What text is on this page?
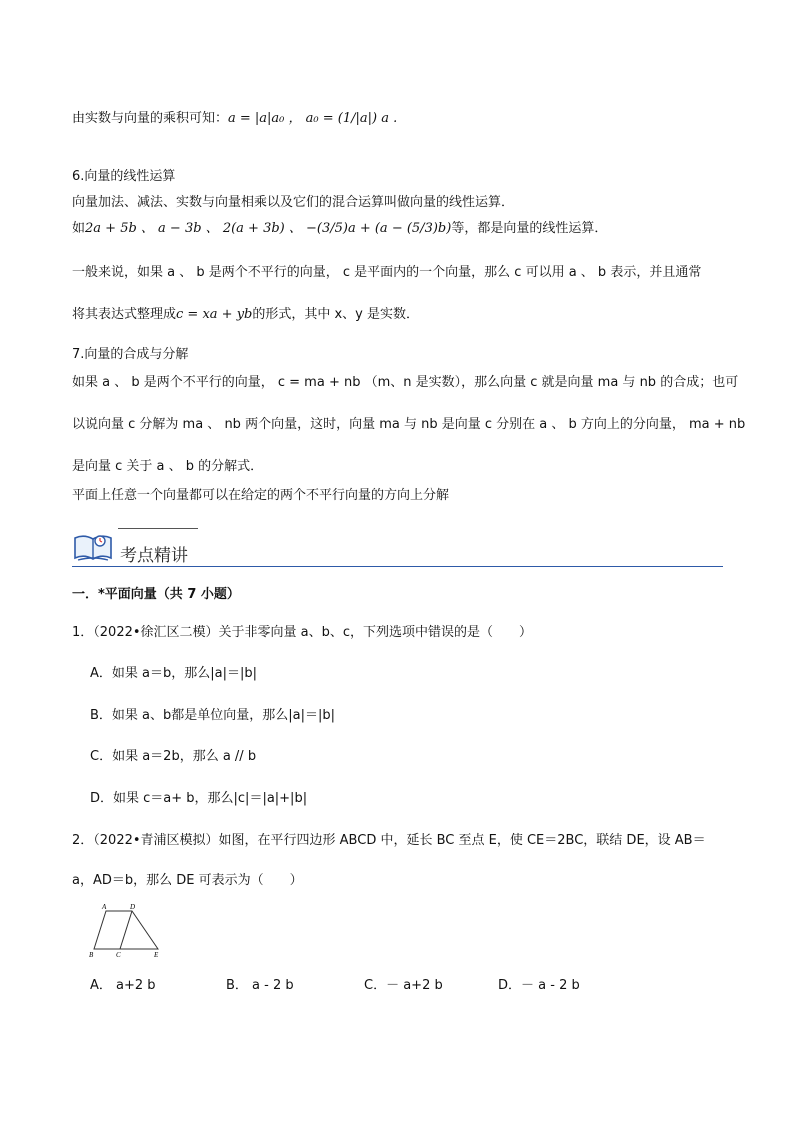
由实数与向量的乘积可知：a = |a|a₀ ， a₀ = (1/|a|) a .
6.向量的线性运算
向量加法、减法、实数与向量相乘以及它们的混合运算叫做向量的线性运算．
如2a + 5b 、 a − 3b 、 2(a + 3b) 、 −(3/5)a + (a − (5/3)b)等，都是向量的线性运算．
一般来说，如果 a 、 b 是两个不平行的向量， c 是平面内的一个向量，那么 c 可以用 a 、 b 表示，并且通常
将其表达式整理成c = xa + yb的形式，其中 x、y 是实数．
7.向量的合成与分解
如果 a 、 b 是两个不平行的向量， c = ma + nb （m、n 是实数），那么向量 c 就是向量 ma 与 nb 的合成；也可
以说向量 c 分解为 ma 、 nb 两个向量，这时，向量 ma 与 nb 是向量 c 分别在 a 、 b 方向上的分向量， ma + nb
是向量 c 关于 a 、 b 的分解式．
平面上任意一个向量都可以在给定的两个不平行向量的方向上分解
考点精讲
一．*平面向量（共 7 小题）
1．（2022•徐汇区二模）关于非零向量 a、b、c，下列选项中错误的是（　　）
A．如果 a＝b，那么|a|＝|b|
B．如果 a、b都是单位向量，那么|a|＝|b|
C．如果 a＝2b，那么 a // b
D．如果 c＝a+ b，那么|c|＝|a|+|b|
2．（2022•青浦区模拟）如图，在平行四边形 ABCD 中，延长 BC 至点 E，使 CE＝2BC，联结 DE，设 AB＝
a，AD＝b，那么 DE 可表示为（　　）
A	D
B	C	E
A． a+2 b	B． a - 2 b	C．－ a+2 b	D．－ a - 2 b
